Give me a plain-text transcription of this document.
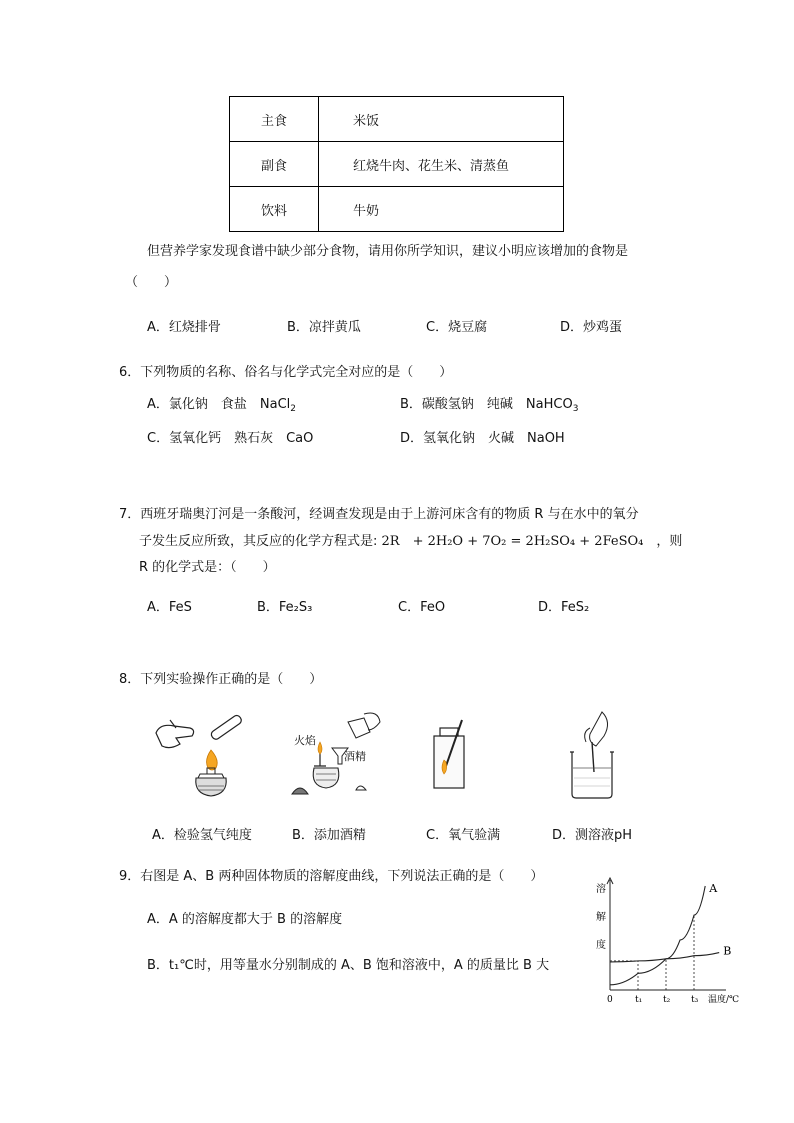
主食	米饭
副食	红烧牛肉、花生米、清蒸鱼
饮料	牛奶
但营养学家发现食谱中缺少部分食物，请用你所学知识，建议小明应该增加的食物是
（　　）
A．红烧排骨	B．凉拌黄瓜	C．烧豆腐	D．炒鸡蛋
6．下列物质的名称、俗名与化学式完全对应的是（　　）
A．氯化钠　食盐　NaCl$_2$	B．碳酸氢钠　纯碱　NaHCO$_3$
C．氢氧化钙　熟石灰　CaO	D．氢氧化钠　火碱　NaOH
7．西班牙瑞奥汀河是一条酸河，经调查发现是由于上游河床含有的物质 R 与在水中的氧分
子发生反应所致，其反应的化学方程式是: 2R　+ 2H₂O + 7O₂ = 2H₂SO₄ + 2FeSO₄　，则
R 的化学式是：（　　）
A．FeS	B．Fe₂S₃	C．FeO	D．FeS₂
8．下列实验操作正确的是（　　）
火焰
酒精
A．检验氢气纯度	B．添加酒精	C．氧气验满	D．测溶液pH
9．右图是 A、B 两种固体物质的溶解度曲线，下列说法正确的是（　　）
A．A 的溶解度都大于 B 的溶解度
B．t₁℃时，用等量水分别制成的 A、B 饱和溶液中，A 的质量比 B 大
溶
解
度
0 t₁ t₂ t₃ 温度/℃
A
B
